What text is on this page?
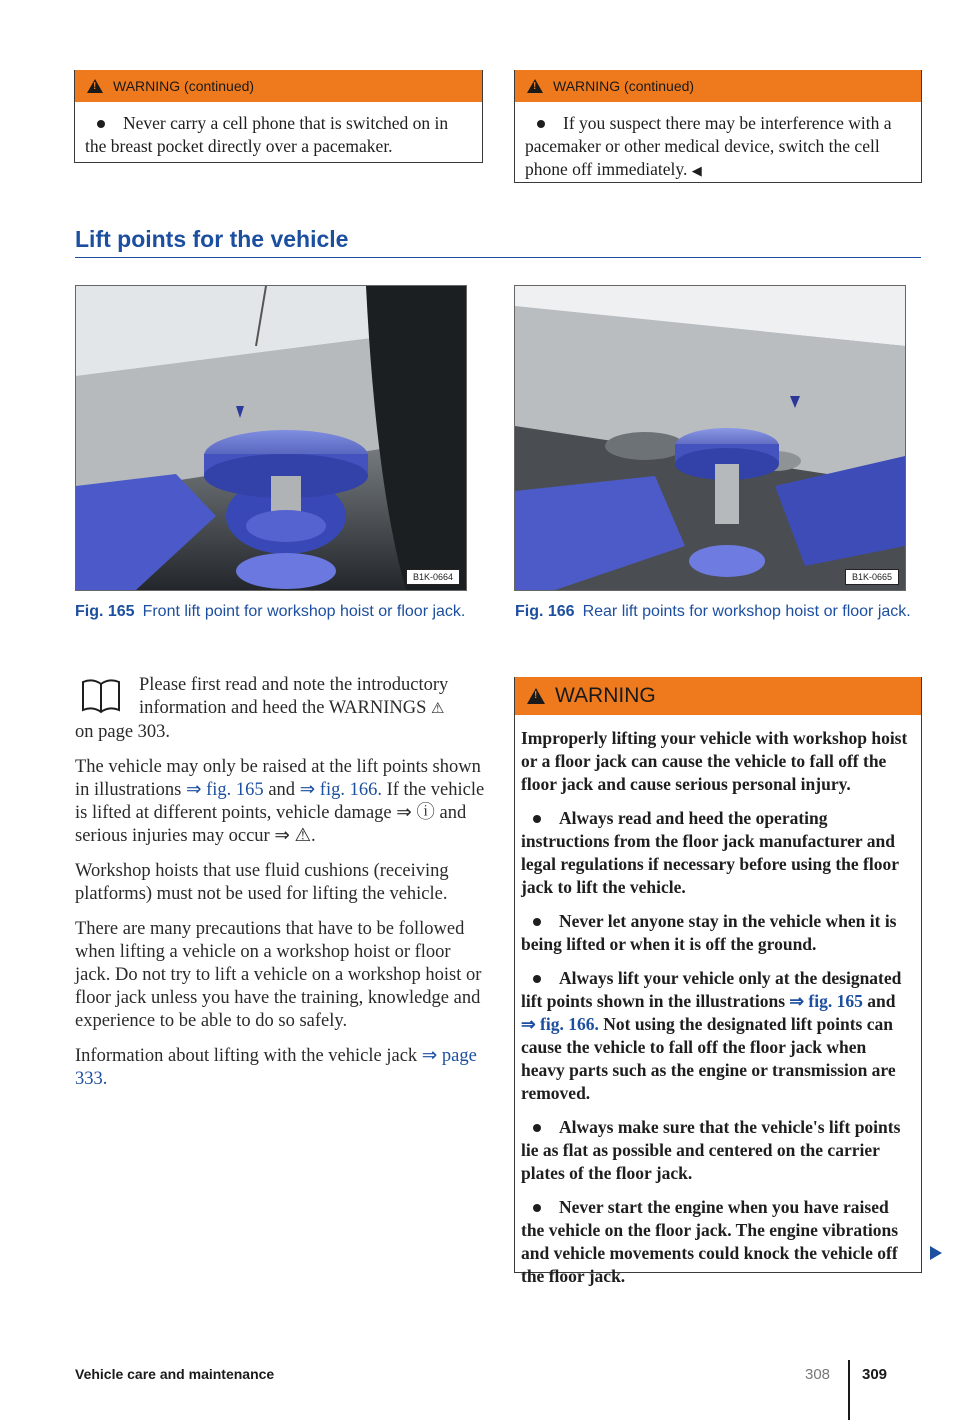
!
WARNING (continued)
Never carry a cell phone that is switched on in the breast pocket directly over a pacemaker.
!
WARNING (continued)
If you suspect there may be interference with a pacemaker or other medical device, switch the cell phone off immediately. ◀
Lift points for the vehicle
B1K-0664	B1K-0665
Fig. 165 Front lift point for workshop hoist or floor jack.	Fig. 166 Rear lift points for workshop hoist or floor jack.

Please first read and note the introductory information and heed the WARNINGS ⚠

on page 303.

The vehicle may only be raised at the lift points shown in illustrations ⇒ fig. 165 and ⇒ fig. 166. If the vehicle is lifted at different points, vehicle damage ⇒ ⓘ and serious injuries may occur ⇒ ⚠.

Workshop hoists that use fluid cushions (receiving platforms) must not be used for lifting the vehicle.

There are many precautions that have to be followed when lifting a vehicle on a workshop hoist or floor jack. Do not try to lift a vehicle on a workshop hoist or floor jack unless you have the training, knowledge and experience to be able to do so safely.

Information about lifting with the vehicle jack ⇒ page 333.

!
WARNING

Improperly lifting your vehicle with workshop hoist or a floor jack can cause the vehicle to fall off the floor jack and cause serious personal injury.

Always read and heed the operating instructions from the floor jack manufacturer and legal regulations if necessary before using the floor jack to lift the vehicle.

Never let anyone stay in the vehicle when it is being lifted or when it is off the ground.

Always lift your vehicle only at the designated lift points shown in the illustrations ⇒ fig. 165 and ⇒ fig. 166. Not using the designated lift points can cause the vehicle to fall off the floor jack when heavy parts such as the engine or transmission are removed.

Always make sure that the vehicle's lift points lie as flat as possible and centered on the carrier plates of the floor jack.

Never start the engine when you have raised the vehicle on the floor jack. The engine vibrations and vehicle movements could knock the vehicle off the floor jack.

Vehicle care and maintenance	308 309
